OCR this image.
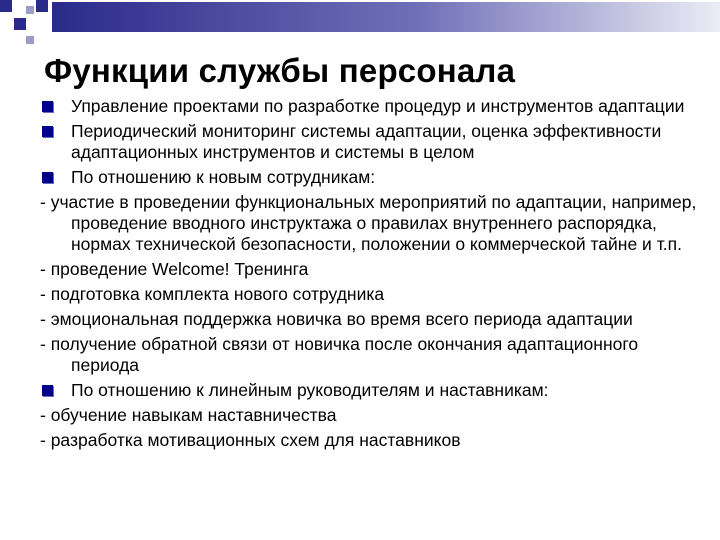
Функции службы персонала
Управление проектами по разработке процедур и инструментов адаптации
Периодический мониторинг системы адаптации, оценка эффективности адаптационных инструментов и системы в целом
По отношению к новым сотрудникам:
- участие в проведении функциональных мероприятий по адаптации, например, проведение вводного инструктажа о правилах внутреннего распорядка, нормах технической безопасности, положении о коммерческой тайне и т.п.
- проведение Welcome! Тренинга
- подготовка комплекта нового сотрудника
- эмоциональная поддержка новичка во время всего периода адаптации
- получение обратной связи от новичка после окончания адаптационного периода
По отношению к линейным руководителям и наставникам:
- обучение навыкам наставничества
- разработка мотивационных схем для наставников
